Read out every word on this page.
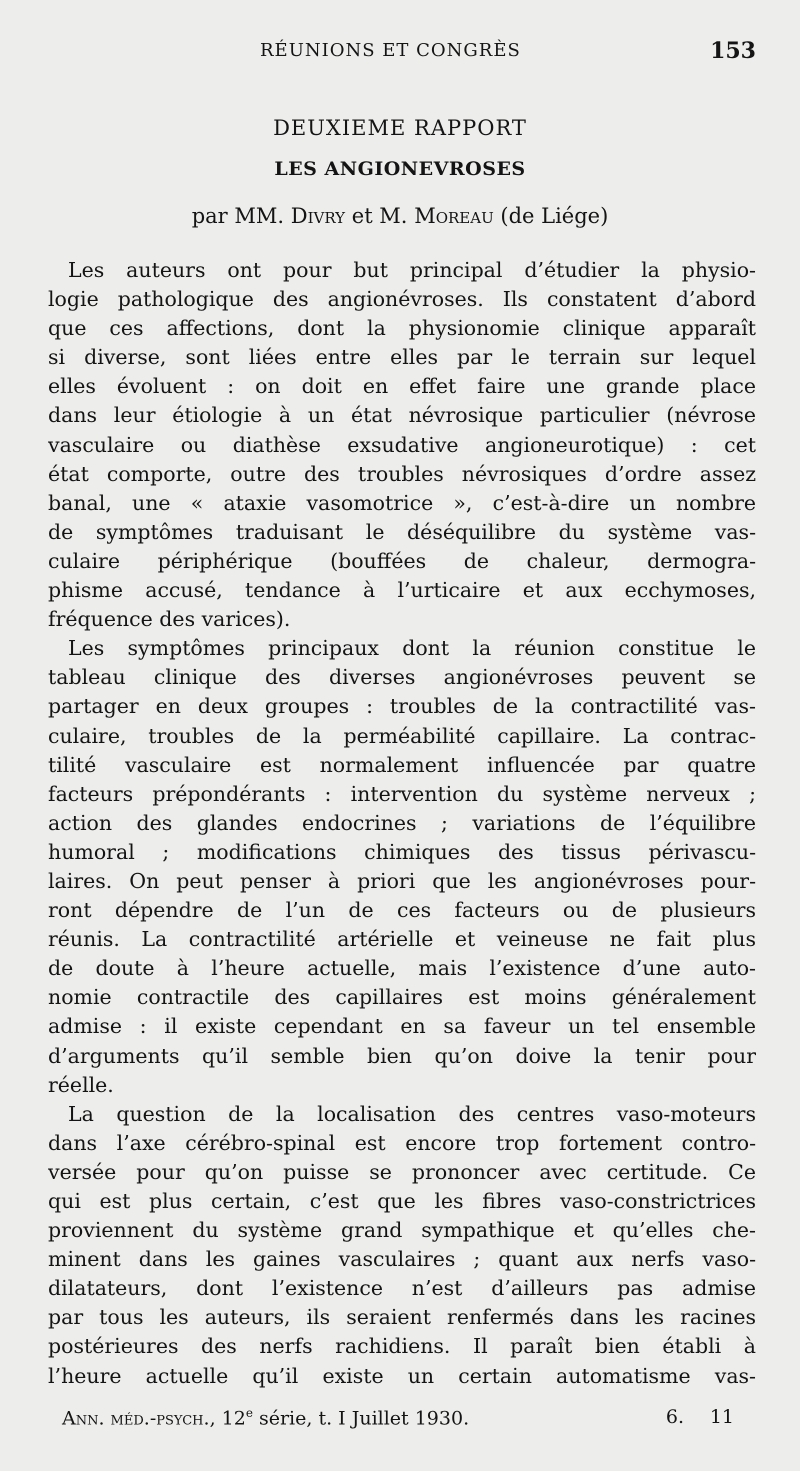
RÉUNIONS ET CONGRÈS	153
DEUXIEME RAPPORT
LES ANGIONEVROSES
par MM. Divry et M. Moreau (de Liége)
Les auteurs ont pour but principal d’étudier la physio-
logie pathologique des angionévroses. Ils constatent d’abord
que ces affections, dont la physionomie clinique apparaît
si diverse, sont liées entre elles par le terrain sur lequel
elles évoluent : on doit en effet faire une grande place
dans leur étiologie à un état névrosique particulier (névrose
vasculaire ou diathèse exsudative angioneurotique) : cet
état comporte, outre des troubles névrosiques d’ordre assez
banal, une « ataxie vasomotrice », c’est-à-dire un nombre
de symptômes traduisant le déséquilibre du système vas-
culaire périphérique (bouffées de chaleur, dermogra-
phisme accusé, tendance à l’urticaire et aux ecchymoses,
fréquence des varices).
Les symptômes principaux dont la réunion constitue le
tableau clinique des diverses angionévroses peuvent se
partager en deux groupes : troubles de la contractilité vas-
culaire, troubles de la perméabilité capillaire. La contrac-
tilité vasculaire est normalement influencée par quatre
facteurs prépondérants : intervention du système nerveux ;
action des glandes endocrines ; variations de l’équilibre
humoral ; modifications chimiques des tissus périvascu-
laires. On peut penser à priori que les angionévroses pour-
ront dépendre de l’un de ces facteurs ou de plusieurs
réunis. La contractilité artérielle et veineuse ne fait plus
de doute à l’heure actuelle, mais l’existence d’une auto-
nomie contractile des capillaires est moins généralement
admise : il existe cependant en sa faveur un tel ensemble
d’arguments qu’il semble bien qu’on doive la tenir pour
réelle.
La question de la localisation des centres vaso-moteurs
dans l’axe cérébro-spinal est encore trop fortement contro-
versée pour qu’on puisse se prononcer avec certitude. Ce
qui est plus certain, c’est que les fibres vaso-constrictrices
proviennent du système grand sympathique et qu’elles che-
minent dans les gaines vasculaires ; quant aux nerfs vaso-
dilatateurs, dont l’existence n’est d’ailleurs pas admise
par tous les auteurs, ils seraient renfermés dans les racines
postérieures des nerfs rachidiens. Il paraît bien établi à
l’heure actuelle qu’il existe un certain automatisme vas-
Ann. méd.-psych., 12e série, t. I Juillet 1930.	6. 11
